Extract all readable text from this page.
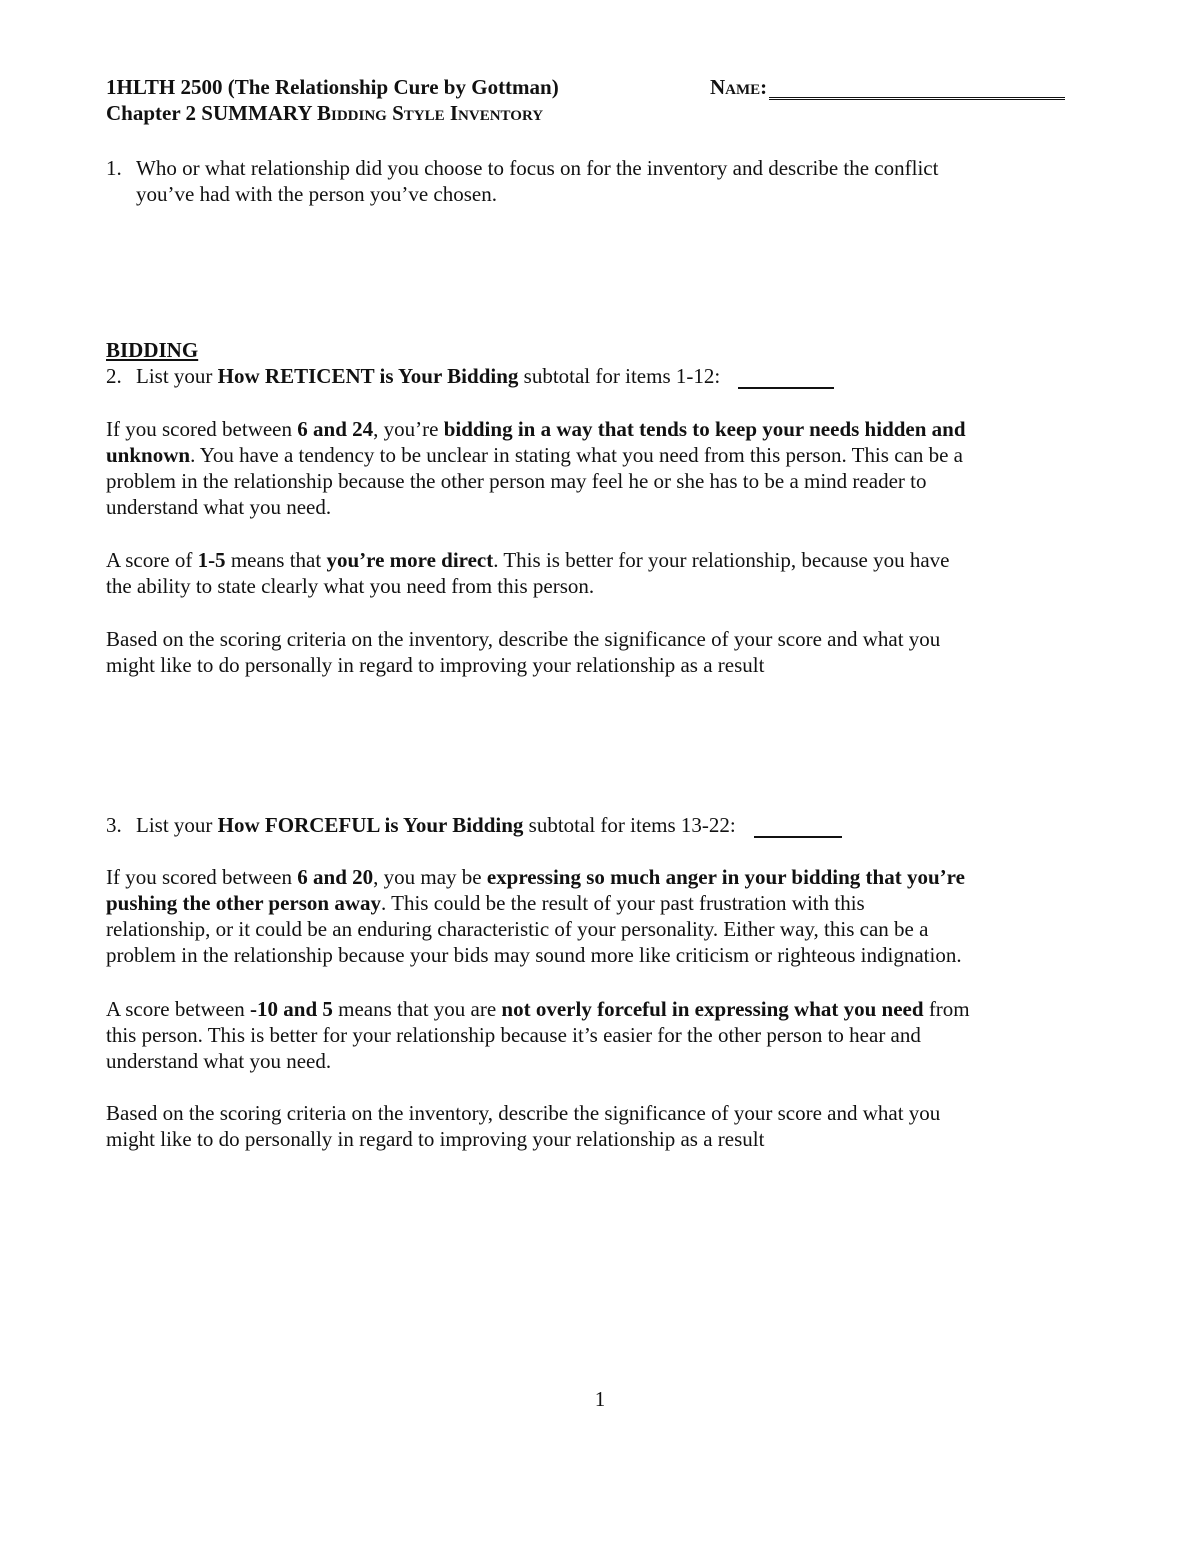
1HLTH 2500 (The Relationship Cure by Gottman)
Chapter 2 SUMMARY Bidding Style Inventory
Name:
1. Who or what relationship did you choose to focus on for the inventory and describe the conflict
you’ve had with the person you’ve chosen.
BIDDING
2. List your How RETICENT is Your Bidding subtotal for items 1-12:
If you scored between 6 and 24, you’re bidding in a way that tends to keep your needs hidden and
unknown. You have a tendency to be unclear in stating what you need from this person. This can be a
problem in the relationship because the other person may feel he or she has to be a mind reader to
understand what you need.
A score of 1-5 means that you’re more direct. This is better for your relationship, because you have
the ability to state clearly what you need from this person.
Based on the scoring criteria on the inventory, describe the significance of your score and what you
might like to do personally in regard to improving your relationship as a result
3. List your How FORCEFUL is Your Bidding subtotal for items 13-22:
If you scored between 6 and 20, you may be expressing so much anger in your bidding that you’re
pushing the other person away. This could be the result of your past frustration with this
relationship, or it could be an enduring characteristic of your personality. Either way, this can be a
problem in the relationship because your bids may sound more like criticism or righteous indignation.
A score between -10 and 5 means that you are not overly forceful in expressing what you need from
this person. This is better for your relationship because it’s easier for the other person to hear and
understand what you need.
Based on the scoring criteria on the inventory, describe the significance of your score and what you
might like to do personally in regard to improving your relationship as a result
1
